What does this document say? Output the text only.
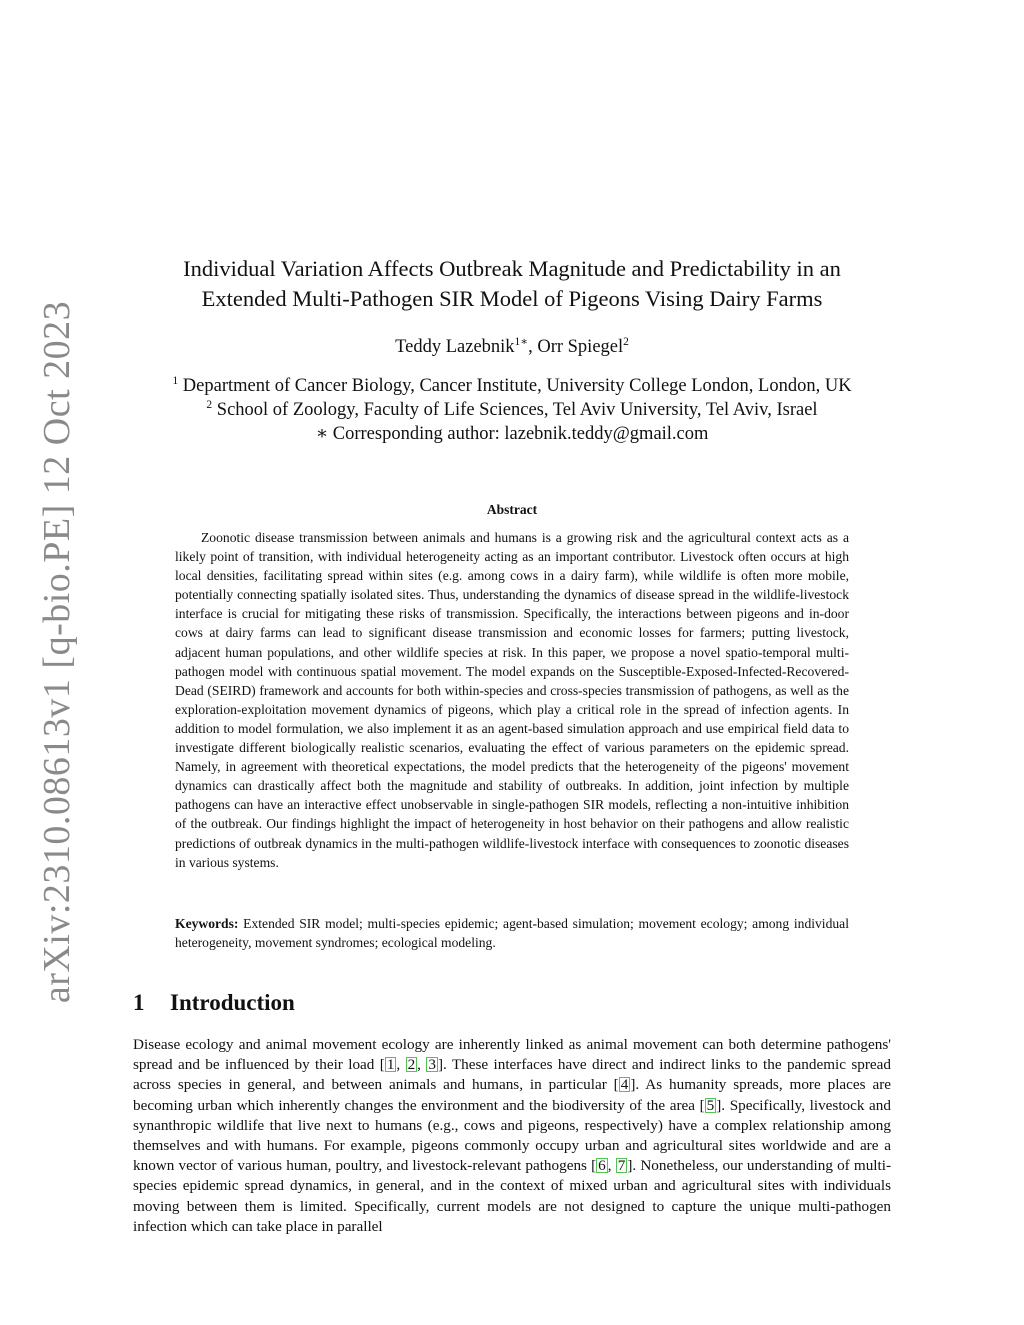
arXiv:2310.08613v1 [q-bio.PE] 12 Oct 2023
Individual Variation Affects Outbreak Magnitude and Predictability in an
Extended Multi-Pathogen SIR Model of Pigeons Vising Dairy Farms
Teddy Lazebnik$^{1∗}$, Orr Spiegel$^2$
$^1$ Department of Cancer Biology, Cancer Institute, University College London, London, UK
$^2$ School of Zoology, Faculty of Life Sciences, Tel Aviv University, Tel Aviv, Israel
∗ Corresponding author: lazebnik.teddy@gmail.com
Abstract

Zoonotic disease transmission between animals and humans is a growing risk and the agricultural context acts as a likely point of transition, with individual heterogeneity acting as an important contributor. Livestock often occurs at high local densities, facilitating spread within sites (e.g. among cows in a dairy farm), while wildlife is often more mobile, potentially connecting spatially isolated sites. Thus, understanding the dynamics of disease spread in the wildlife-livestock interface is crucial for mitigating these risks of transmission. Specifically, the interactions between pigeons and in-door cows at dairy farms can lead to significant disease transmission and economic losses for farmers; putting livestock, adjacent human populations, and other wildlife species at risk. In this paper, we propose a novel spatio-temporal multi-pathogen model with continuous spatial movement. The model expands on the Susceptible-Exposed-Infected-Recovered-Dead (SEIRD) framework and accounts for both within-species and cross-species transmission of pathogens, as well as the exploration-exploitation movement dynamics of pigeons, which play a critical role in the spread of infection agents. In addition to model formulation, we also implement it as an agent-based simulation approach and use empirical field data to investigate different biologically realistic scenarios, evaluating the effect of various parameters on the epidemic spread. Namely, in agreement with theoretical expectations, the model predicts that the heterogeneity of the pigeons' movement dynamics can drastically affect both the magnitude and stability of outbreaks. In addition, joint infection by multiple pathogens can have an interactive effect unobservable in single-pathogen SIR models, reflecting a non-intuitive inhibition of the outbreak. Our findings highlight the impact of heterogeneity in host behavior on their pathogens and allow realistic predictions of outbreak dynamics in the multi-pathogen wildlife-livestock interface with consequences to zoonotic diseases in various systems.

Keywords: Extended SIR model; multi-species epidemic; agent-based simulation; movement ecology; among individual heterogeneity, movement syndromes; ecological modeling.

1 Introduction

Disease ecology and animal movement ecology are inherently linked as animal movement can both determine pathogens' spread and be influenced by their load [ 1 , 2 , 3 ]. These interfaces have direct and indirect links to the pandemic spread across species in general, and between animals and humans, in particular [ 4 ]. As humanity spreads, more places are becoming urban which inherently changes the environment and the biodiversity of the area [ 5 ]. Specifically, livestock and synanthropic wildlife that live next to humans (e.g., cows and pigeons, respectively) have a complex relationship among themselves and with humans. For example, pigeons commonly occupy urban and agricultural sites worldwide and are a known vector of various human, poultry, and livestock-relevant pathogens [ 6 , 7 ]. Nonetheless, our understanding of multi-species epidemic spread dynamics, in general, and in the context of mixed urban and agricultural sites with individuals moving between them is limited. Specifically, current models are not designed to capture the unique multi-pathogen infection which can take place in parallel
